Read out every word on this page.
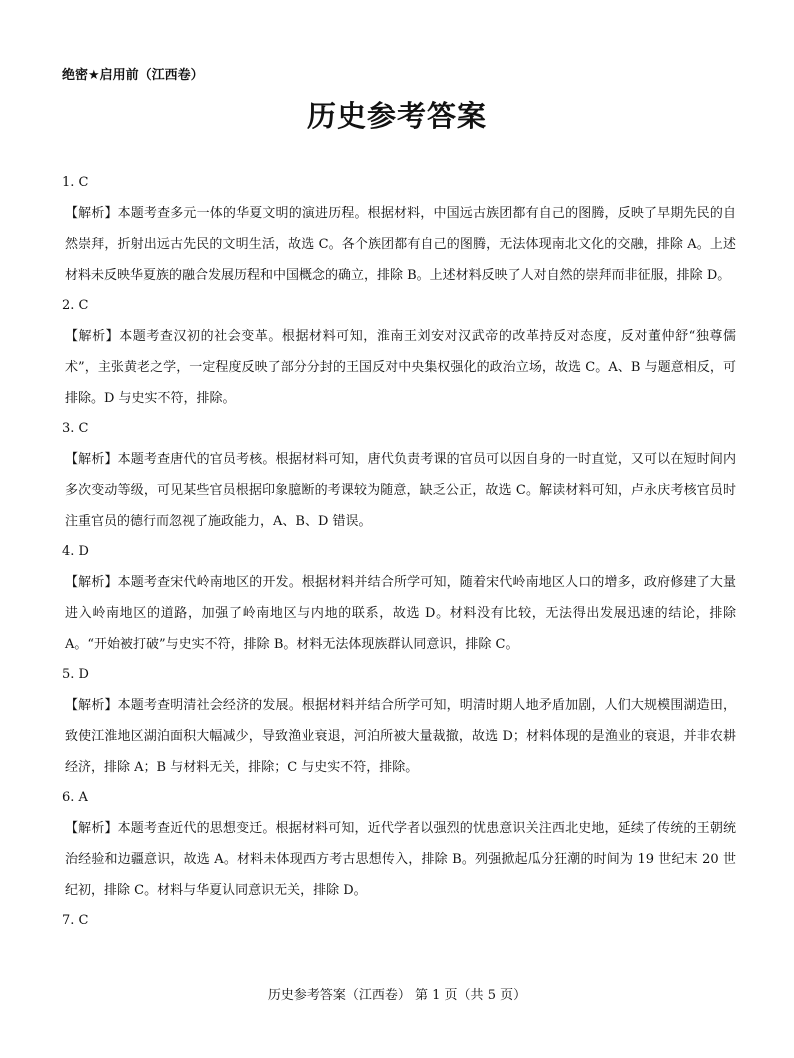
绝密★启用前（江西卷）
历史参考答案

1. C

【解析】本题考查多元一体的华夏文明的演进历程。根据材料，中国远古族团都有自己的图腾，反映了早期先民的自然崇拜，折射出远古先民的文明生活，故选 C。各个族团都有自己的图腾，无法体现南北文化的交融，排除 A。上述材料未反映华夏族的融合发展历程和中国概念的确立，排除 B。上述材料反映了人对自然的崇拜而非征服，排除 D。

2. C

【解析】本题考查汉初的社会变革。根据材料可知，淮南王刘安对汉武帝的改革持反对态度，反对董仲舒“独尊儒术”，主张黄老之学，一定程度反映了部分分封的王国反对中央集权强化的政治立场，故选 C。A、B 与题意相反，可排除。D 与史实不符，排除。

3. C

【解析】本题考查唐代的官员考核。根据材料可知，唐代负责考课的官员可以因自身的一时直觉，又可以在短时间内多次变动等级，可见某些官员根据印象臆断的考课较为随意，缺乏公正，故选 C。解读材料可知，卢永庆考核官员时注重官员的德行而忽视了施政能力，A、B、D 错误。

4. D

【解析】本题考查宋代岭南地区的开发。根据材料并结合所学可知，随着宋代岭南地区人口的增多，政府修建了大量进入岭南地区的道路，加强了岭南地区与内地的联系，故选 D。材料没有比较，无法得出发展迅速的结论，排除 A。“开始被打破”与史实不符，排除 B。材料无法体现族群认同意识，排除 C。

5. D

【解析】本题考查明清社会经济的发展。根据材料并结合所学可知，明清时期人地矛盾加剧，人们大规模围湖造田，致使江淮地区湖泊面积大幅减少，导致渔业衰退，河泊所被大量裁撤，故选 D；材料体现的是渔业的衰退，并非农耕经济，排除 A；B 与材料无关，排除；C 与史实不符，排除。

6. A

【解析】本题考查近代的思想变迁。根据材料可知，近代学者以强烈的忧患意识关注西北史地，延续了传统的王朝统治经验和边疆意识，故选 A。材料未体现西方考古思想传入，排除 B。列强掀起瓜分狂潮的时间为 19 世纪末 20 世纪初，排除 C。材料与华夏认同意识无关，排除 D。

7. C

历史参考答案（江西卷） 第 1 页（共 5 页）
